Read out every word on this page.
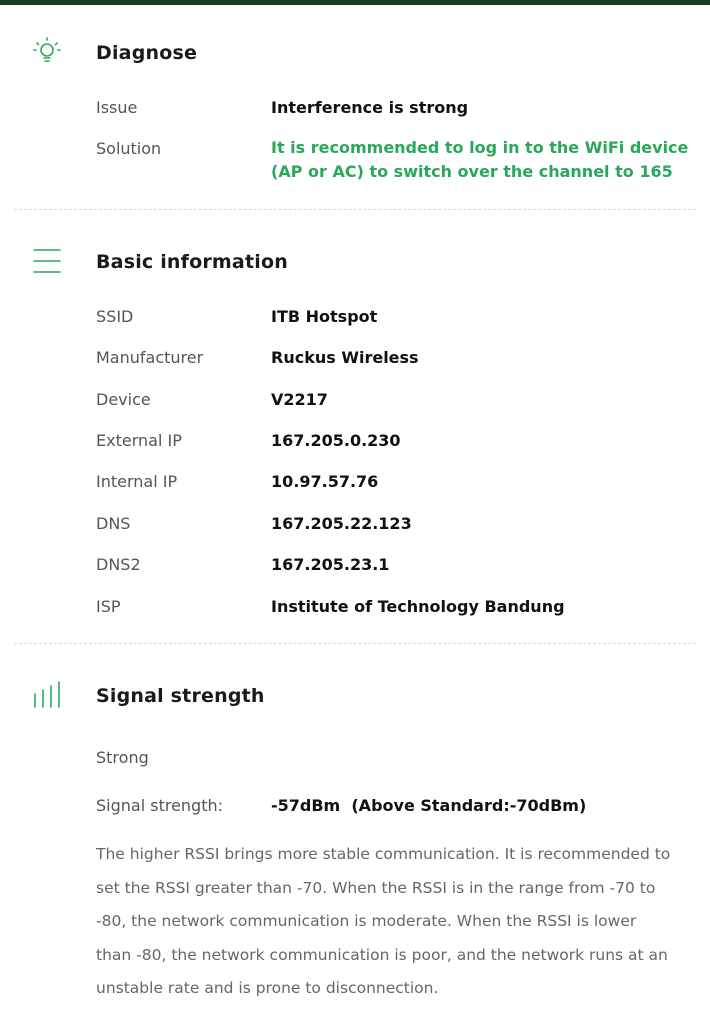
Diagnose
Issue	Interference is strong
Solution	It is recommended to log in to the WiFi device (AP or AC) to switch over the channel to 165
Basic information
SSID	ITB Hotspot
Manufacturer	Ruckus Wireless
Device	V2217
External IP	167.205.0.230
Internal IP	10.97.57.76
DNS	167.205.22.123
DNS2	167.205.23.1
ISP	Institute of Technology Bandung
Signal strength
Strong
Signal strength:	-57dBm  (Above Standard:-70dBm)
The higher RSSI brings more stable communication. It is recommended to set the RSSI greater than -70. When the RSSI is in the range from -70 to -80, the network communication is moderate. When the RSSI is lower than -80, the network communication is poor, and the network runs at an unstable rate and is prone to disconnection.
